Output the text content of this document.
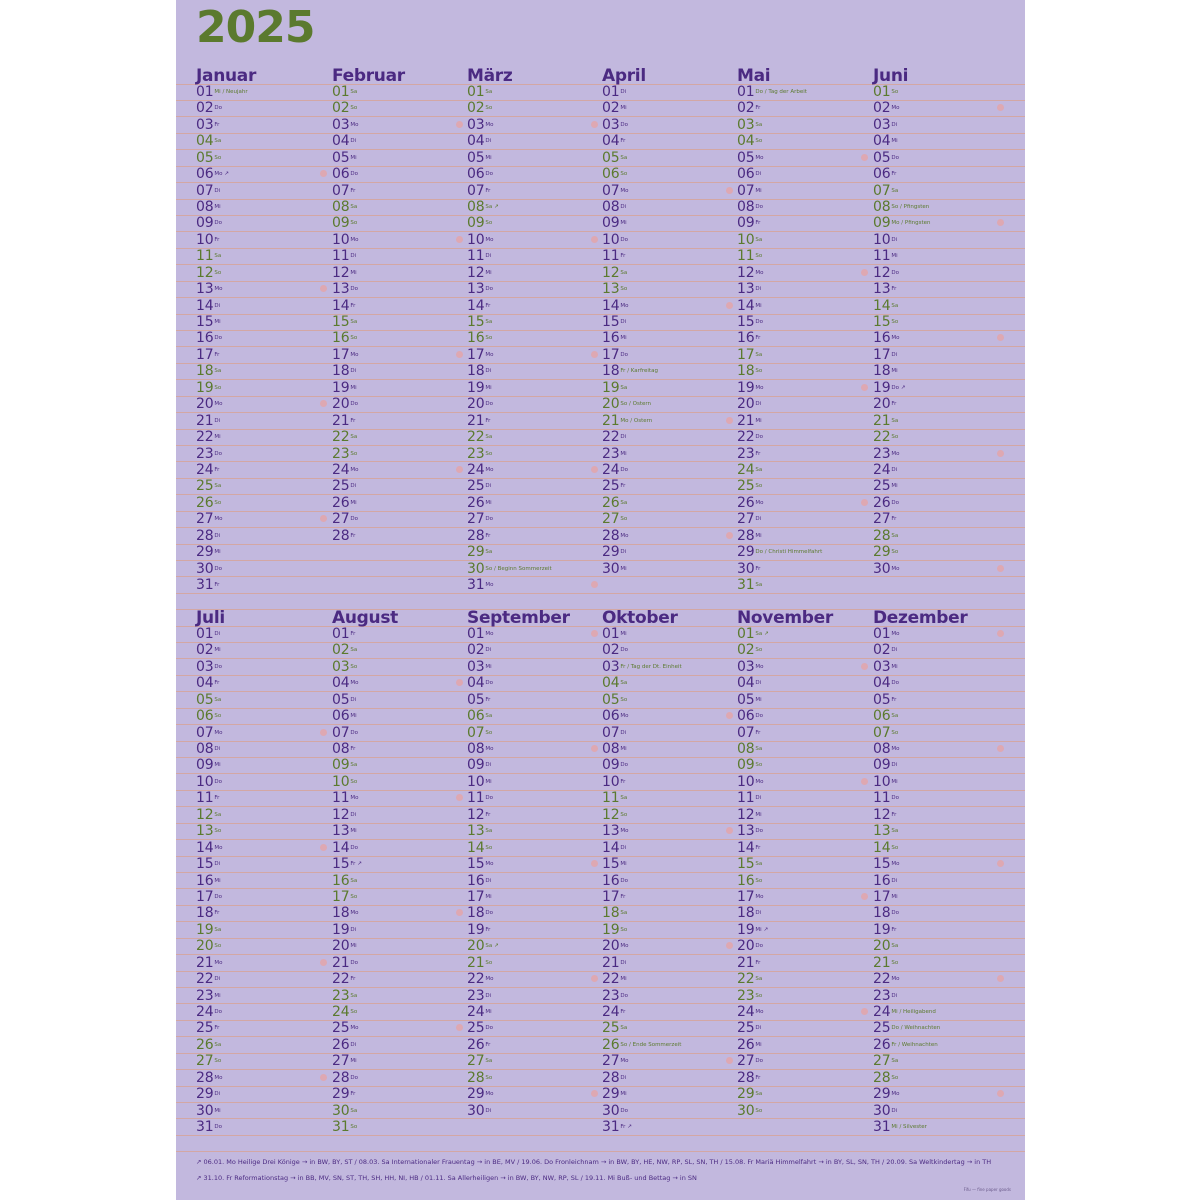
2025
Januar
$01^{Mi / Neujahr}$
$02^{Do}$
$03^{Fr}$
$04^{Sa}$
$05^{So}$
$06^{Mo ↗}$
$07^{Di}$
$08^{Mi}$
$09^{Do}$
$10^{Fr}$
$11^{Sa}$
$12^{So}$
$13^{Mo}$
$14^{Di}$
$15^{Mi}$
$16^{Do}$
$17^{Fr}$
$18^{Sa}$
$19^{So}$
$20^{Mo}$
$21^{Di}$
$22^{Mi}$
$23^{Do}$
$24^{Fr}$
$25^{Sa}$
$26^{So}$
$27^{Mo}$
$28^{Di}$
$29^{Mi}$
$30^{Do}$
$31^{Fr}$
Februar
$01^{Sa}$
$02^{So}$
$03^{Mo}$
$04^{Di}$
$05^{Mi}$
$06^{Do}$
$07^{Fr}$
$08^{Sa}$
$09^{So}$
$10^{Mo}$
$11^{Di}$
$12^{Mi}$
$13^{Do}$
$14^{Fr}$
$15^{Sa}$
$16^{So}$
$17^{Mo}$
$18^{Di}$
$19^{Mi}$
$20^{Do}$
$21^{Fr}$
$22^{Sa}$
$23^{So}$
$24^{Mo}$
$25^{Di}$
$26^{Mi}$
$27^{Do}$
$28^{Fr}$
März
$01^{Sa}$
$02^{So}$
$03^{Mo}$
$04^{Di}$
$05^{Mi}$
$06^{Do}$
$07^{Fr}$
$08^{Sa ↗}$
$09^{So}$
$10^{Mo}$
$11^{Di}$
$12^{Mi}$
$13^{Do}$
$14^{Fr}$
$15^{Sa}$
$16^{So}$
$17^{Mo}$
$18^{Di}$
$19^{Mi}$
$20^{Do}$
$21^{Fr}$
$22^{Sa}$
$23^{So}$
$24^{Mo}$
$25^{Di}$
$26^{Mi}$
$27^{Do}$
$28^{Fr}$
$29^{Sa}$
$30^{So / Beginn Sommerzeit}$
$31^{Mo}$
April
$01^{Di}$
$02^{Mi}$
$03^{Do}$
$04^{Fr}$
$05^{Sa}$
$06^{So}$
$07^{Mo}$
$08^{Di}$
$09^{Mi}$
$10^{Do}$
$11^{Fr}$
$12^{Sa}$
$13^{So}$
$14^{Mo}$
$15^{Di}$
$16^{Mi}$
$17^{Do}$
$18^{Fr / Karfreitag}$
$19^{Sa}$
$20^{So / Ostern}$
$21^{Mo / Ostern}$
$22^{Di}$
$23^{Mi}$
$24^{Do}$
$25^{Fr}$
$26^{Sa}$
$27^{So}$
$28^{Mo}$
$29^{Di}$
$30^{Mi}$
Mai
$01^{Do / Tag der Arbeit}$
$02^{Fr}$
$03^{Sa}$
$04^{So}$
$05^{Mo}$
$06^{Di}$
$07^{Mi}$
$08^{Do}$
$09^{Fr}$
$10^{Sa}$
$11^{So}$
$12^{Mo}$
$13^{Di}$
$14^{Mi}$
$15^{Do}$
$16^{Fr}$
$17^{Sa}$
$18^{So}$
$19^{Mo}$
$20^{Di}$
$21^{Mi}$
$22^{Do}$
$23^{Fr}$
$24^{Sa}$
$25^{So}$
$26^{Mo}$
$27^{Di}$
$28^{Mi}$
$29^{Do / Christi Himmelfahrt}$
$30^{Fr}$
$31^{Sa}$
Juni
$01^{So}$
$02^{Mo}$
$03^{Di}$
$04^{Mi}$
$05^{Do}$
$06^{Fr}$
$07^{Sa}$
$08^{So / Pfingsten}$
$09^{Mo / Pfingsten}$
$10^{Di}$
$11^{Mi}$
$12^{Do}$
$13^{Fr}$
$14^{Sa}$
$15^{So}$
$16^{Mo}$
$17^{Di}$
$18^{Mi}$
$19^{Do ↗}$
$20^{Fr}$
$21^{Sa}$
$22^{So}$
$23^{Mo}$
$24^{Di}$
$25^{Mi}$
$26^{Do}$
$27^{Fr}$
$28^{Sa}$
$29^{So}$
$30^{Mo}$
Juli
$01^{Di}$
$02^{Mi}$
$03^{Do}$
$04^{Fr}$
$05^{Sa}$
$06^{So}$
$07^{Mo}$
$08^{Di}$
$09^{Mi}$
$10^{Do}$
$11^{Fr}$
$12^{Sa}$
$13^{So}$
$14^{Mo}$
$15^{Di}$
$16^{Mi}$
$17^{Do}$
$18^{Fr}$
$19^{Sa}$
$20^{So}$
$21^{Mo}$
$22^{Di}$
$23^{Mi}$
$24^{Do}$
$25^{Fr}$
$26^{Sa}$
$27^{So}$
$28^{Mo}$
$29^{Di}$
$30^{Mi}$
$31^{Do}$
August
$01^{Fr}$
$02^{Sa}$
$03^{So}$
$04^{Mo}$
$05^{Di}$
$06^{Mi}$
$07^{Do}$
$08^{Fr}$
$09^{Sa}$
$10^{So}$
$11^{Mo}$
$12^{Di}$
$13^{Mi}$
$14^{Do}$
$15^{Fr ↗}$
$16^{Sa}$
$17^{So}$
$18^{Mo}$
$19^{Di}$
$20^{Mi}$
$21^{Do}$
$22^{Fr}$
$23^{Sa}$
$24^{So}$
$25^{Mo}$
$26^{Di}$
$27^{Mi}$
$28^{Do}$
$29^{Fr}$
$30^{Sa}$
$31^{So}$
September
$01^{Mo}$
$02^{Di}$
$03^{Mi}$
$04^{Do}$
$05^{Fr}$
$06^{Sa}$
$07^{So}$
$08^{Mo}$
$09^{Di}$
$10^{Mi}$
$11^{Do}$
$12^{Fr}$
$13^{Sa}$
$14^{So}$
$15^{Mo}$
$16^{Di}$
$17^{Mi}$
$18^{Do}$
$19^{Fr}$
$20^{Sa ↗}$
$21^{So}$
$22^{Mo}$
$23^{Di}$
$24^{Mi}$
$25^{Do}$
$26^{Fr}$
$27^{Sa}$
$28^{So}$
$29^{Mo}$
$30^{Di}$
Oktober
$01^{Mi}$
$02^{Do}$
$03^{Fr / Tag der Dt. Einheit}$
$04^{Sa}$
$05^{So}$
$06^{Mo}$
$07^{Di}$
$08^{Mi}$
$09^{Do}$
$10^{Fr}$
$11^{Sa}$
$12^{So}$
$13^{Mo}$
$14^{Di}$
$15^{Mi}$
$16^{Do}$
$17^{Fr}$
$18^{Sa}$
$19^{So}$
$20^{Mo}$
$21^{Di}$
$22^{Mi}$
$23^{Do}$
$24^{Fr}$
$25^{Sa}$
$26^{So / Ende Sommerzeit}$
$27^{Mo}$
$28^{Di}$
$29^{Mi}$
$30^{Do}$
$31^{Fr ↗}$
November
$01^{Sa ↗}$
$02^{So}$
$03^{Mo}$
$04^{Di}$
$05^{Mi}$
$06^{Do}$
$07^{Fr}$
$08^{Sa}$
$09^{So}$
$10^{Mo}$
$11^{Di}$
$12^{Mi}$
$13^{Do}$
$14^{Fr}$
$15^{Sa}$
$16^{So}$
$17^{Mo}$
$18^{Di}$
$19^{Mi ↗}$
$20^{Do}$
$21^{Fr}$
$22^{Sa}$
$23^{So}$
$24^{Mo}$
$25^{Di}$
$26^{Mi}$
$27^{Do}$
$28^{Fr}$
$29^{Sa}$
$30^{So}$
Dezember
$01^{Mo}$
$02^{Di}$
$03^{Mi}$
$04^{Do}$
$05^{Fr}$
$06^{Sa}$
$07^{So}$
$08^{Mo}$
$09^{Di}$
$10^{Mi}$
$11^{Do}$
$12^{Fr}$
$13^{Sa}$
$14^{So}$
$15^{Mo}$
$16^{Di}$
$17^{Mi}$
$18^{Do}$
$19^{Fr}$
$20^{Sa}$
$21^{So}$
$22^{Mo}$
$23^{Di}$
$24^{Mi / Heiligabend}$
$25^{Do / Weihnachten}$
$26^{Fr / Weihnachten}$
$27^{Sa}$
$28^{So}$
$29^{Mo}$
$30^{Di}$
$31^{Mi / Silvester}$
↗ 06.01. Mo Heilige Drei Könige → in BW, BY, ST / 08.03. Sa Internationaler Frauentag → in BE, MV / 19.06. Do Fronleichnam → in BW, BY, HE, NW, RP, SL, SN, TH / 15.08. Fr Mariä Himmelfahrt → in BY, SL, SN, TH / 20.09. Sa Weltkindertag → in TH
↗ 31.10. Fr Reformationstag → in BB, MV, SN, ST, TH, SH, HH, NI, HB / 01.11. Sa Allerheiligen → in BW, BY, NW, RP, SL / 19.11. Mi Buß- und Bettag → in SN
Fifu — fine paper goods
